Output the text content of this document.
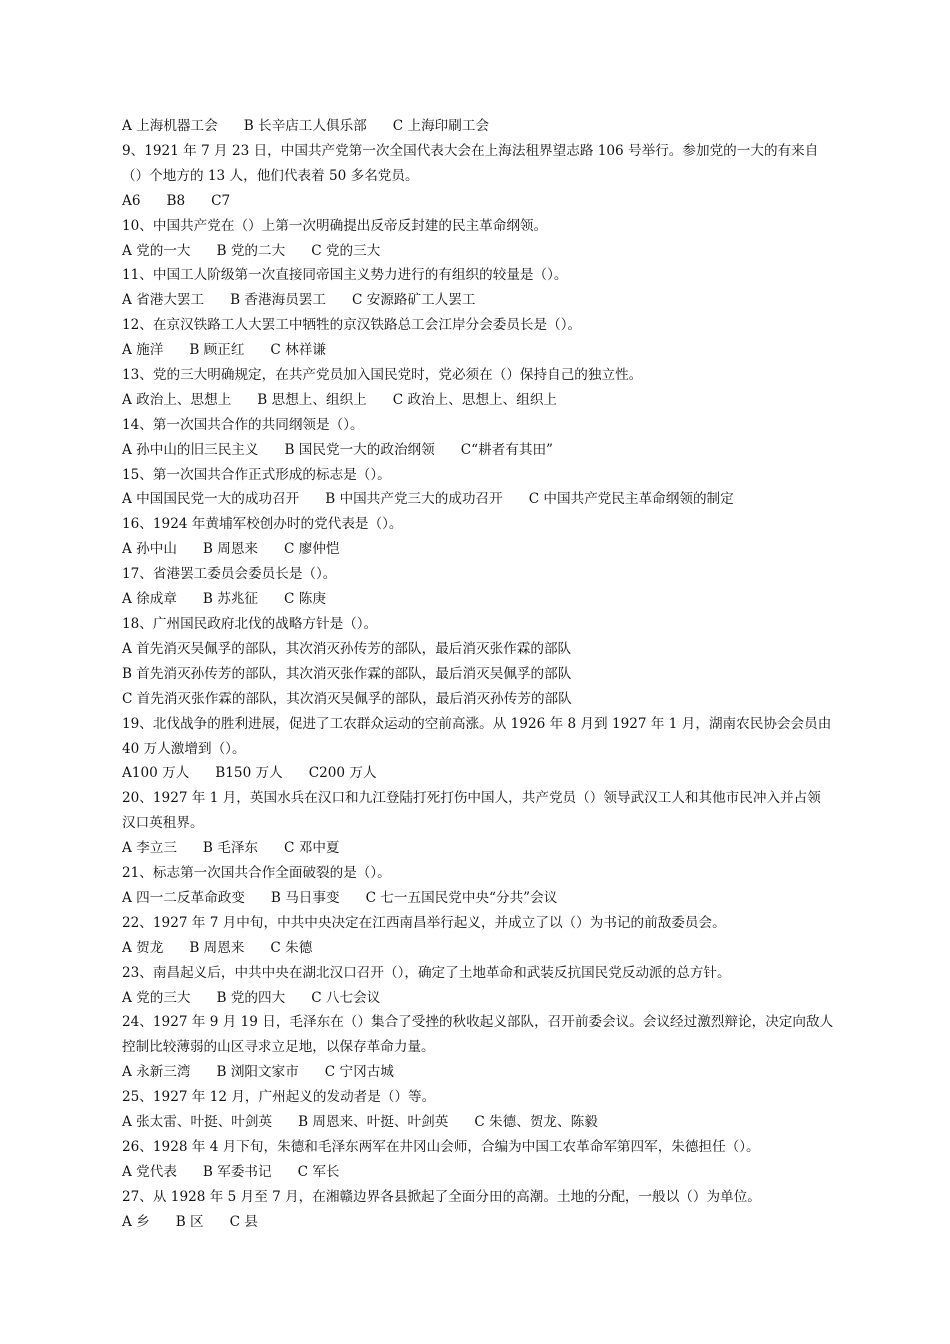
A 上海机器工会 B 长辛店工人俱乐部 C 上海印刷工会
9、1921 年 7 月 23 日，中国共产党第一次全国代表大会在上海法租界望志路 106 号举行。参加党的一大的有来自（）个地方的 13 人，他们代表着 50 多名党员。
A6 B8 C7
10、中国共产党在（）上第一次明确提出反帝反封建的民主革命纲领。
A 党的一大 B 党的二大 C 党的三大
11、中国工人阶级第一次直接同帝国主义势力进行的有组织的较量是（）。
A 省港大罢工 B 香港海员罢工 C 安源路矿工人罢工
12、在京汉铁路工人大罢工中牺牲的京汉铁路总工会江岸分会委员长是（）。
A 施洋 B 顾正红 C 林祥谦
13、党的三大明确规定，在共产党员加入国民党时，党必须在（）保持自己的独立性。
A 政治上、思想上 B 思想上、组织上 C 政治上、思想上、组织上
14、第一次国共合作的共同纲领是（）。
A 孙中山的旧三民主义 B 国民党一大的政治纲领 C“耕者有其田”
15、第一次国共合作正式形成的标志是（）。
A 中国国民党一大的成功召开 B 中国共产党三大的成功召开 C 中国共产党民主革命纲领的制定
16、1924 年黄埔军校创办时的党代表是（）。
A 孙中山 B 周恩来 C 廖仲恺
17、省港罢工委员会委员长是（）。
A 徐成章 B 苏兆征 C 陈庚
18、广州国民政府北伐的战略方针是（）。
A 首先消灭吴佩孚的部队，其次消灭孙传芳的部队，最后消灭张作霖的部队
B 首先消灭孙传芳的部队，其次消灭张作霖的部队，最后消灭吴佩孚的部队
C 首先消灭张作霖的部队，其次消灭吴佩孚的部队，最后消灭孙传芳的部队
19、北伐战争的胜利进展，促进了工农群众运动的空前高涨。从 1926 年 8 月到 1927 年 1 月，湖南农民协会会员由 40 万人激增到（）。
A100 万人 B150 万人 C200 万人
20、1927 年 1 月，英国水兵在汉口和九江登陆打死打伤中国人，共产党员（）领导武汉工人和其他市民冲入并占领汉口英租界。
A 李立三 B 毛泽东 C 邓中夏
21、标志第一次国共合作全面破裂的是（）。
A 四一二反革命政变 B 马日事变 C 七一五国民党中央“分共”会议
22、1927 年 7 月中旬，中共中央决定在江西南昌举行起义，并成立了以（）为书记的前敌委员会。
A 贺龙 B 周恩来 C 朱德
23、南昌起义后，中共中央在湖北汉口召开（），确定了土地革命和武装反抗国民党反动派的总方针。
A 党的三大 B 党的四大 C 八七会议
24、1927 年 9 月 19 日，毛泽东在（）集合了受挫的秋收起义部队，召开前委会议。会议经过激烈辩论，决定向敌人控制比较薄弱的山区寻求立足地，以保存革命力量。
A 永新三湾 B 浏阳文家市 C 宁冈古城
25、1927 年 12 月，广州起义的发动者是（）等。
A 张太雷、叶挺、叶剑英 B 周恩来、叶挺、叶剑英 C 朱德、贺龙、陈毅
26、1928 年 4 月下旬，朱德和毛泽东两军在井冈山会师，合编为中国工农革命军第四军，朱德担任（）。
A 党代表 B 军委书记 C 军长
27、从 1928 年 5 月至 7 月，在湘赣边界各县掀起了全面分田的高潮。土地的分配，一般以（）为单位。
A 乡 B 区 C 县
